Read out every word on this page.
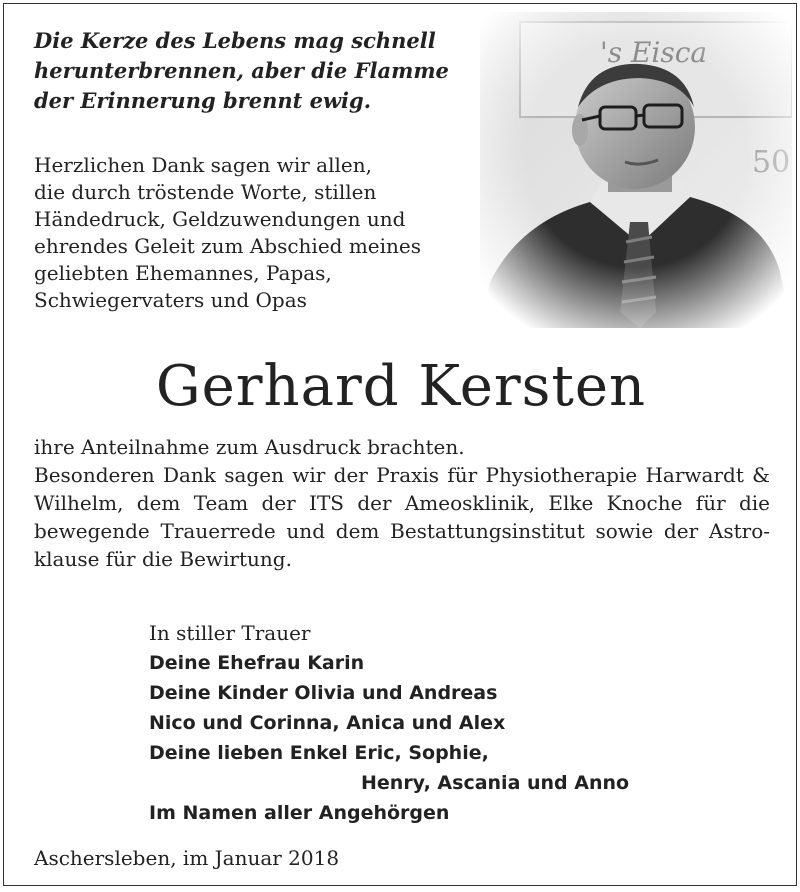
Die Kerze des Lebens mag schnell
herunterbrennen, aber die Flamme
der Erinnerung brennt ewig.
Herzlichen Dank sagen wir allen,
die durch tröstende Worte, stillen
Händedruck, Geldzuwendungen und
ehrendes Geleit zum Abschied meines
geliebten Ehemannes, Papas,
Schwiegervaters und Opas
Gerhard Kersten

ihre Anteilnahme zum Ausdruck brachten.

Besonderen Dank sagen wir der Praxis für Physiotherapie Harwardt & Wilhelm, dem Team der ITS der Ameosklinik, Elke Knoche für die bewegende Trauerrede und dem Bestattungsinstitut sowie der Astro-klause für die Bewirtung.

In stiller Trauer
Deine Ehefrau Karin
Deine Kinder Olivia und Andreas
Nico und Corinna, Anica und Alex
Deine lieben Enkel Eric, Sophie,
Henry, Ascania und Anno
Im Namen aller Angehörgen
Aschersleben, im Januar 2018
